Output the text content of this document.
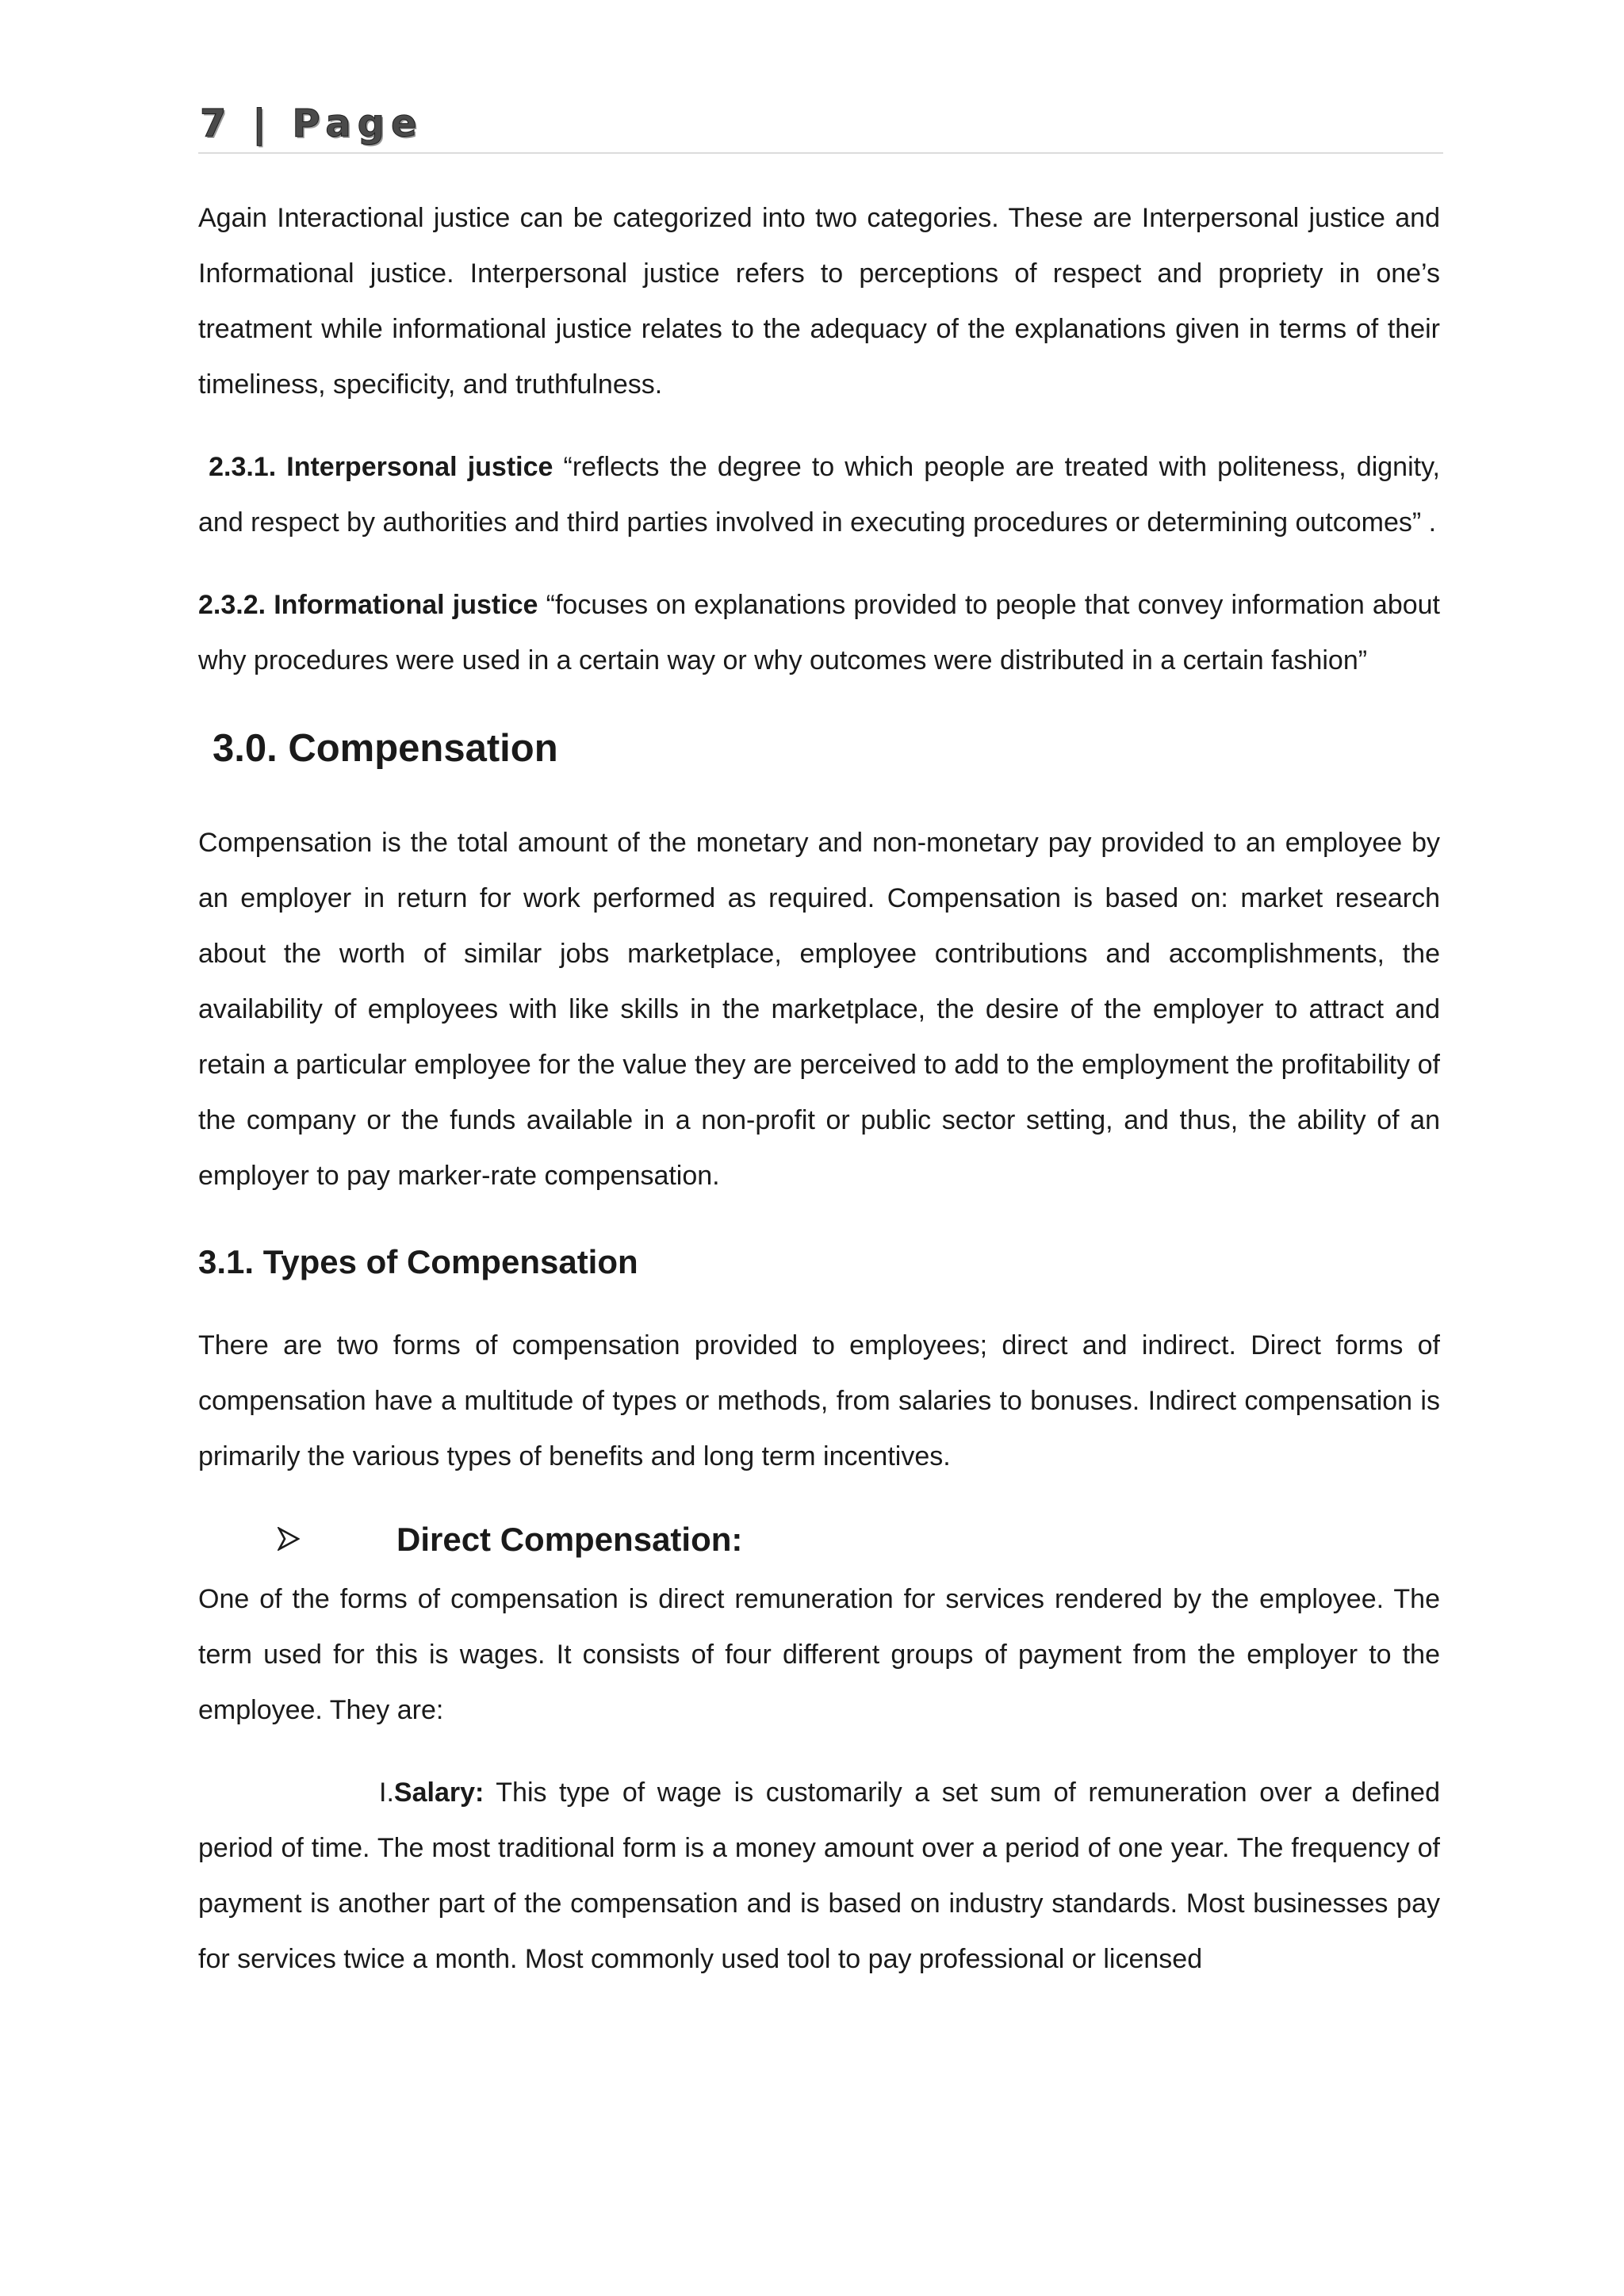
7 | Page

Again Interactional justice can be categorized into two categories. These are Interpersonal justice and Informational justice. Interpersonal justice refers to perceptions of respect and propriety in one’s treatment while informational justice relates to the adequacy of the explanations given in terms of their timeliness, specificity, and truthfulness.

2.3.1. Interpersonal justice “reflects the degree to which people are treated with politeness, dignity, and respect by authorities and third parties involved in executing procedures or determining outcomes” .

2.3.2. Informational justice “focuses on explanations provided to people that convey information about why procedures were used in a certain way or why outcomes were distributed in a certain fashion”

3.0. Compensation

Compensation is the total amount of the monetary and non-monetary pay provided to an employee by an employer in return for work performed as required. Compensation is based on: market research about the worth of similar jobs marketplace, employee contributions and accomplishments, the availability of employees with like skills in the marketplace, the desire of the employer to attract and retain a particular employee for the value they are perceived to add to the employment the profitability of the company or the funds available in a non-profit or public sector setting, and thus, the ability of an employer to pay marker-rate compensation.

3.1. Types of Compensation

There are two forms of compensation provided to employees; direct and indirect. Direct forms of compensation have a multitude of types or methods, from salaries to bonuses. Indirect compensation is primarily the various types of benefits and long term incentives.

Direct Compensation:

One of the forms of compensation is direct remuneration for services rendered by the employee. The term used for this is wages. It consists of four different groups of payment from the employer to the employee. They are:

I.Salary: This type of wage is customarily a set sum of remuneration over a defined period of time. The most traditional form is a money amount over a period of one year. The frequency of payment is another part of the compensation and is based on industry standards. Most businesses pay for services twice a month. Most commonly used tool to pay professional or licensed
